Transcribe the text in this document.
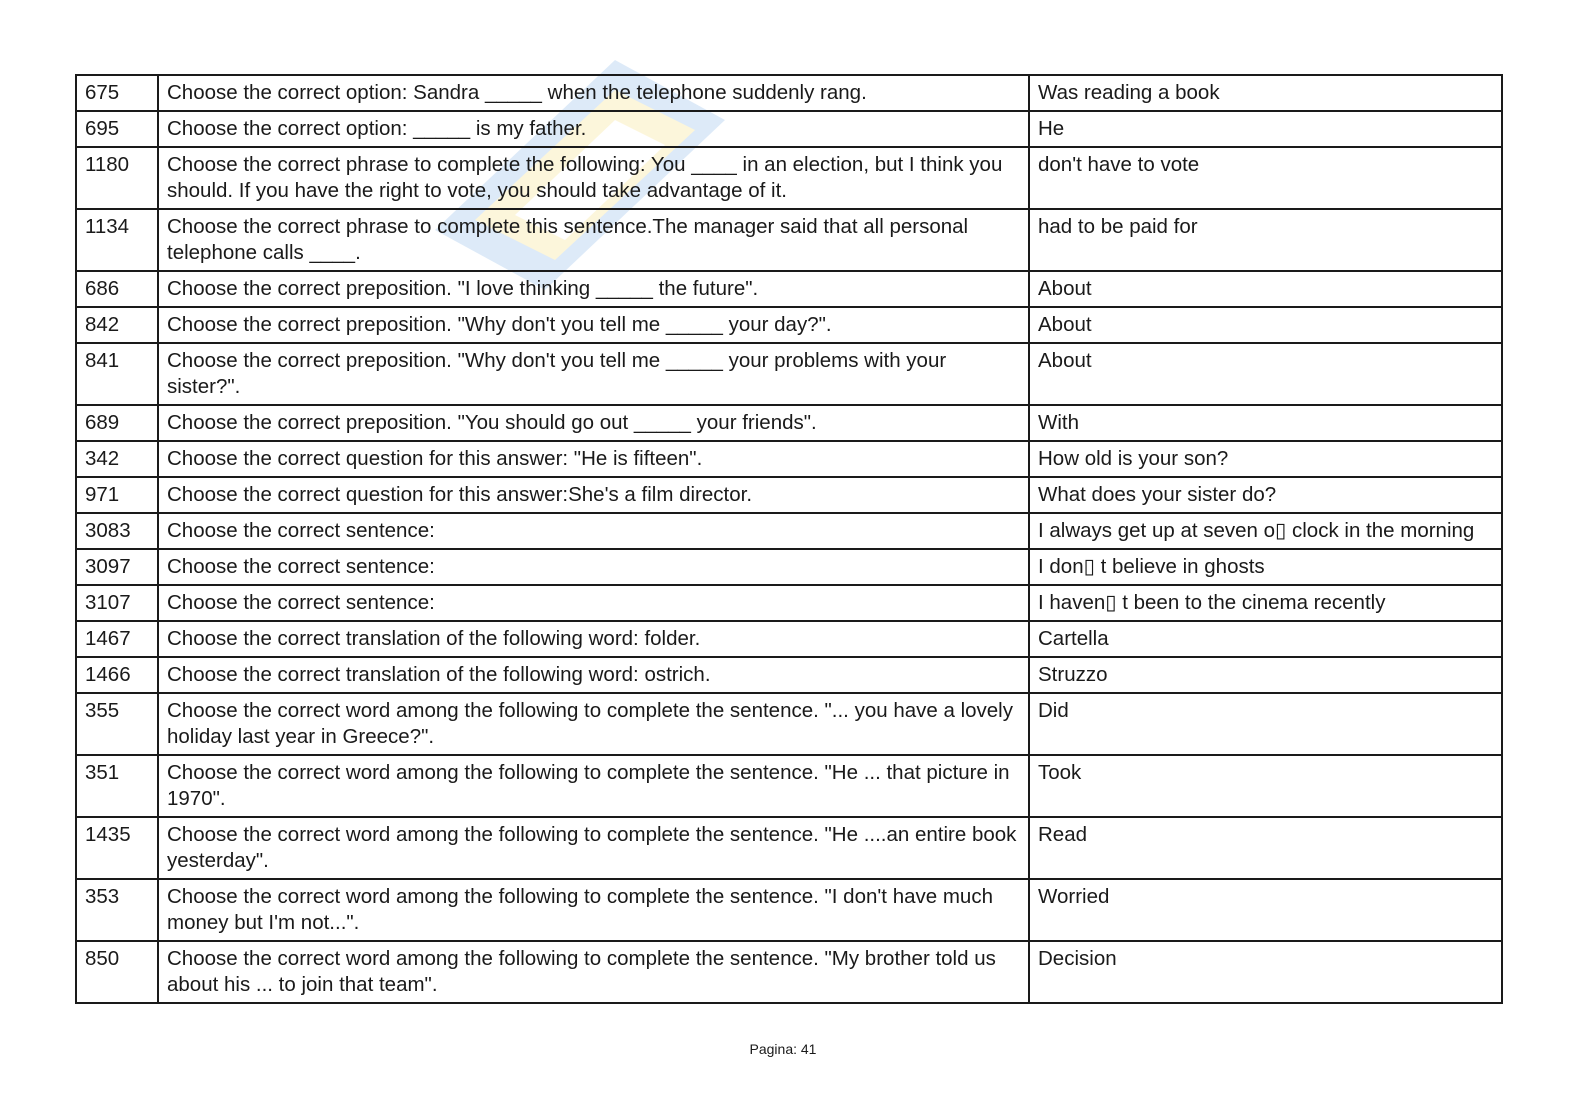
675	Choose the correct option: Sandra _____ when the telephone suddenly rang.	Was reading a book
695	Choose the correct option: _____ is my father.	He
1180	Choose the correct phrase to complete the following: You ____ in an election, but I think you should. If you have the right to vote, you should take advantage of it.	don't have to vote
1134	Choose the correct phrase to complete this sentence.The manager said that all personal telephone calls ____.	had to be paid for
686	Choose the correct preposition. "I love thinking _____ the future".	About
842	Choose the correct preposition. "Why don't you tell me _____ your day?".	About
841	Choose the correct preposition. "Why don't you tell me _____ your problems with your sister?".	About
689	Choose the correct preposition. "You should go out _____ your friends".	With
342	Choose the correct question for this answer: "He is fifteen".	How old is your son?
971	Choose the correct question for this answer:She's a film director.	What does your sister do?
3083	Choose the correct sentence:	I always get up at seven o▯ clock in the morning
3097	Choose the correct sentence:	I don▯ t believe in ghosts
3107	Choose the correct sentence:	I haven▯ t been to the cinema recently
1467	Choose the correct translation of the following word: folder.	Cartella
1466	Choose the correct translation of the following word: ostrich.	Struzzo
355	Choose the correct word among the following to complete the sentence. "... you have a lovely holiday last year in Greece?".	Did
351	Choose the correct word among the following to complete the sentence. "He ... that picture in 1970".	Took
1435	Choose the correct word among the following to complete the sentence. "He ....an entire book yesterday".	Read
353	Choose the correct word among the following to complete the sentence. "I don't have much money but I'm not...".	Worried
850	Choose the correct word among the following to complete the sentence. "My brother told us about his ... to join that team".	Decision
Pagina: 41
